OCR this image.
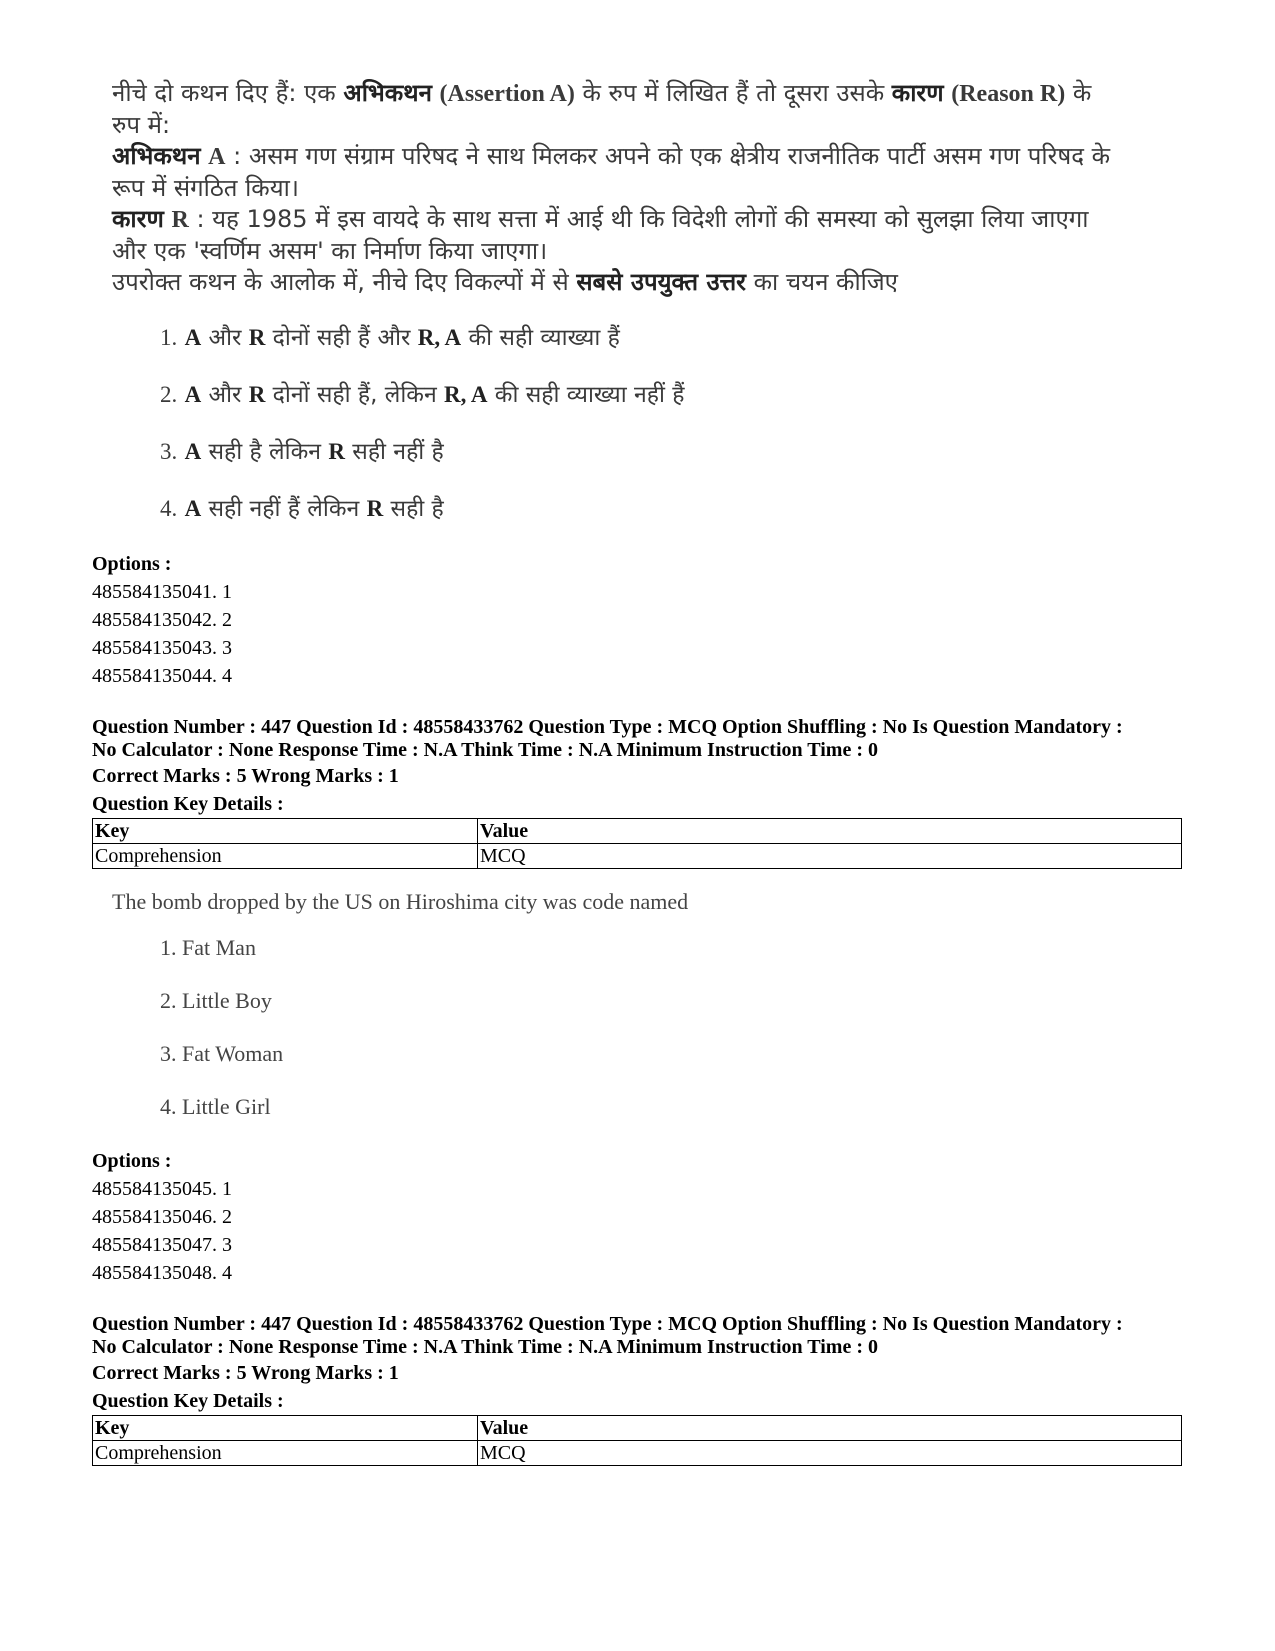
नीचे दो कथन दिए हैं: एक अभिकथन (Assertion A) के रुप में लिखित हैं तो दूसरा उसके कारण (Reason R) के रुप में:

अभिकथन A : असम गण संग्राम परिषद ने साथ मिलकर अपने को एक क्षेत्रीय राजनीतिक पार्टी असम गण परिषद के रूप में संगठित किया।

कारण R : यह 1985 में इस वायदे के साथ सत्ता में आई थी कि विदेशी लोगों की समस्या को सुलझा लिया जाएगा और एक 'स्वर्णिम असम' का निर्माण किया जाएगा।

उपरोक्त कथन के आलोक में, नीचे दिए विकल्पों में से सबसे उपयुक्त उत्तर का चयन कीजिए

1. A और R दोनों सही हैं और R, A की सही व्याख्या हैं
2. A और R दोनों सही हैं, लेकिन R, A की सही व्याख्या नहीं हैं
3. A सही है लेकिन R सही नहीं है
4. A सही नहीं हैं लेकिन R सही है
Options :
485584135041. 1
485584135042. 2
485584135043. 3
485584135044. 4
Question Number : 447 Question Id : 48558433762 Question Type : MCQ Option Shuffling : No Is Question Mandatory :
No Calculator : None Response Time : N.A Think Time : N.A Minimum Instruction Time : 0
Correct Marks : 5 Wrong Marks : 1
Question Key Details :
Key	Value
Comprehension	MCQ

The bomb dropped by the US on Hiroshima city was code named

1. Fat Man
2. Little Boy
3. Fat Woman
4. Little Girl
Options :
485584135045. 1
485584135046. 2
485584135047. 3
485584135048. 4
Question Number : 447 Question Id : 48558433762 Question Type : MCQ Option Shuffling : No Is Question Mandatory :
No Calculator : None Response Time : N.A Think Time : N.A Minimum Instruction Time : 0
Correct Marks : 5 Wrong Marks : 1
Question Key Details :
Key	Value
Comprehension	MCQ
